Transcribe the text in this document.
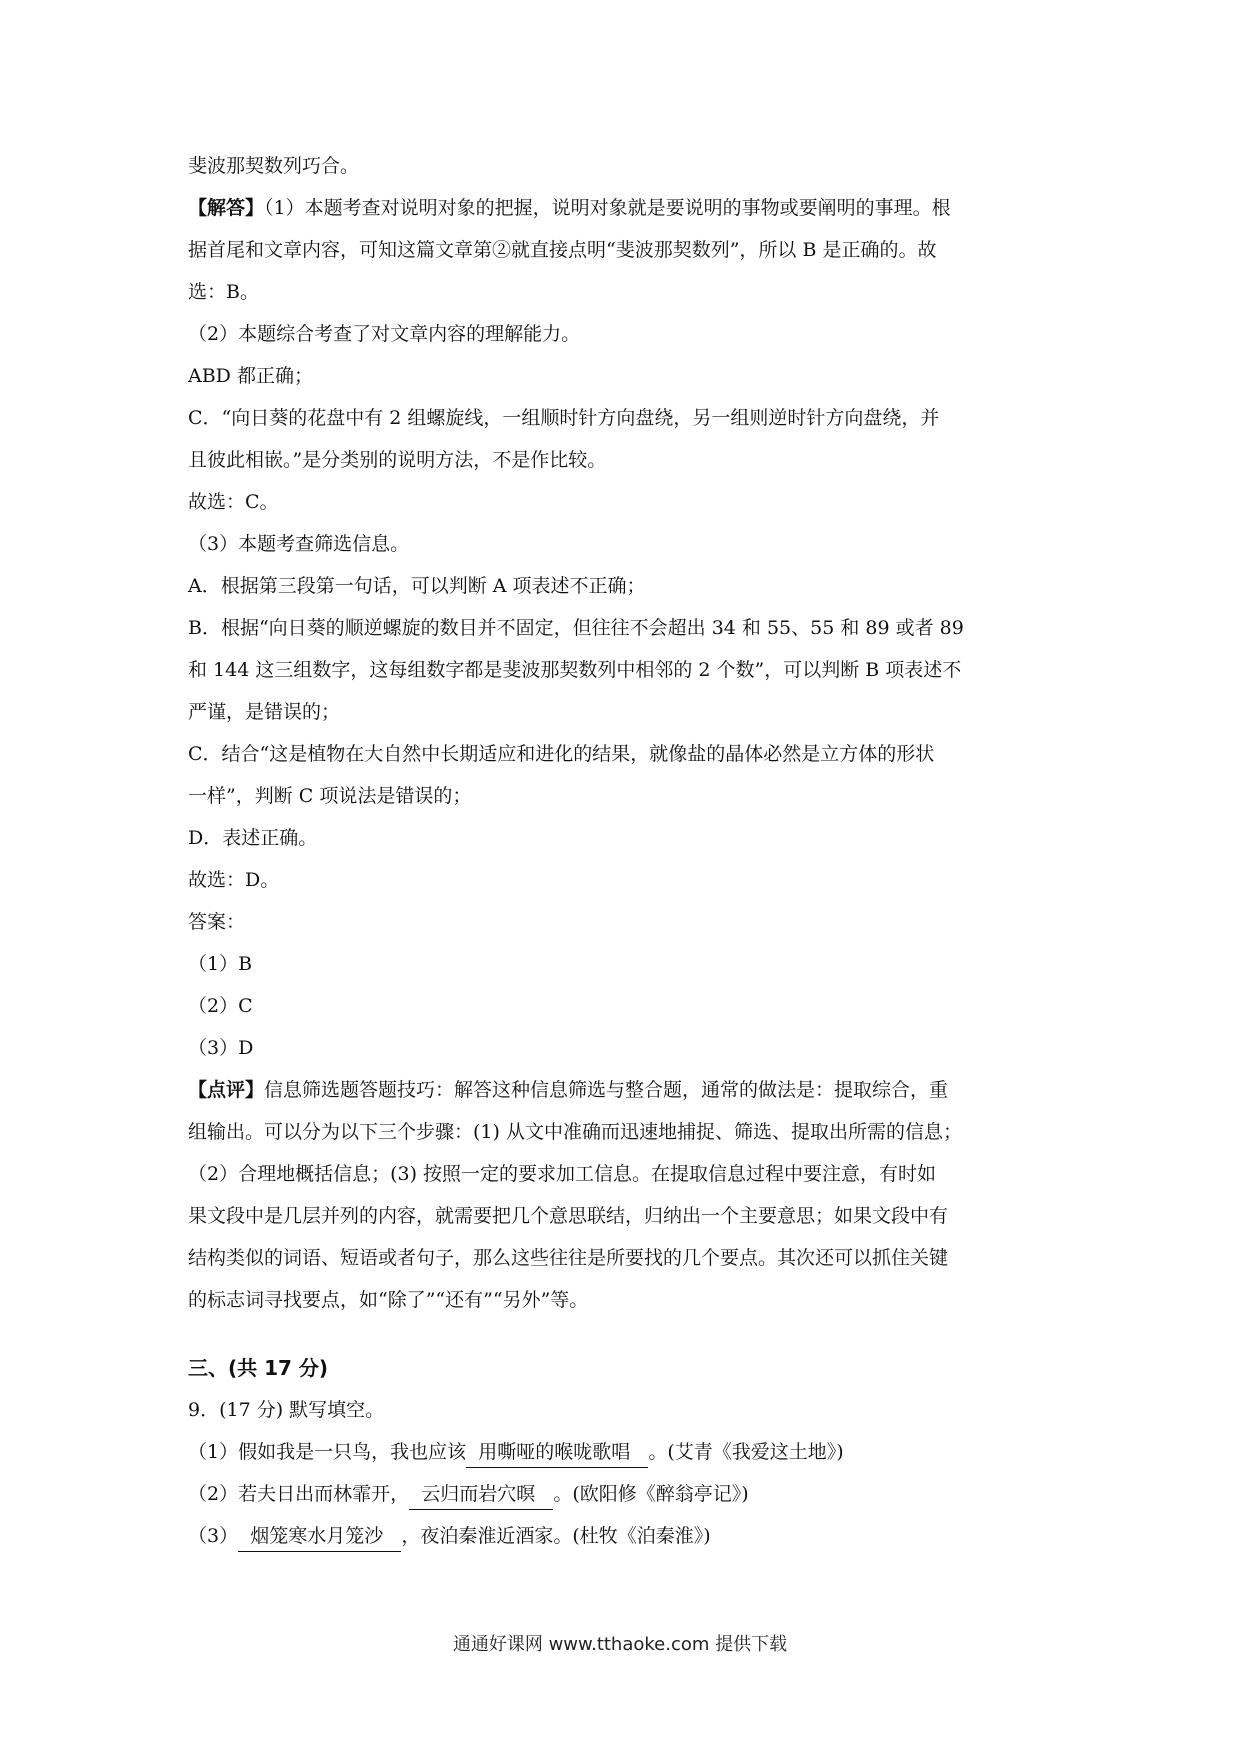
斐波那契数列巧合。
【解答】（1）本题考查对说明对象的把握，说明对象就是要说明的事物或要阐明的事理。根
据首尾和文章内容，可知这篇文章第②就直接点明“斐波那契数列”，所以 B 是正确的。故
选：B。
（2）本题综合考查了对文章内容的理解能力。
ABD 都正确；
C．“向日葵的花盘中有 2 组螺旋线，一组顺时针方向盘绕，另一组则逆时针方向盘绕，并
且彼此相嵌。”是分类别的说明方法，不是作比较。
故选：C。
（3）本题考查筛选信息。
A．根据第三段第一句话，可以判断 A 项表述不正确；
B．根据“向日葵的顺逆螺旋的数目并不固定，但往往不会超出 34 和 55、55 和 89 或者 89
和 144 这三组数字，这每组数字都是斐波那契数列中相邻的 2 个数”，可以判断 B 项表述不
严谨，是错误的；
C．结合“这是植物在大自然中长期适应和进化的结果，就像盐的晶体必然是立方体的形状
一样”，判断 C 项说法是错误的；
D．表述正确。
故选：D。
答案：
（1）B
（2）C
（3）D
【点评】信息筛选题答题技巧：解答这种信息筛选与整合题，通常的做法是：提取综合，重
组输出。可以分为以下三个步骤：(1) 从文中准确而迅速地捕捉、筛选、提取出所需的信息；
（2）合理地概括信息；(3) 按照一定的要求加工信息。在提取信息过程中要注意，有时如
果文段中是几层并列的内容，就需要把几个意思联结，归纳出一个主要意思；如果文段中有
结构类似的词语、短语或者句子，那么这些往往是所要找的几个要点。其次还可以抓住关键
的标志词寻找要点，如“除了”“还有”“另外”等。
三、(共 17 分)
9．(17 分) 默写填空。
（1）假如我是一只鸟，我也应该 用嘶哑的喉咙歌唱 。(艾青《我爱这土地》)
（2）若夫日出而林霏开， 云归而岩穴暝 。(欧阳修《醉翁亭记》)
（3） 烟笼寒水月笼沙 ，夜泊秦淮近酒家。(杜牧《泊秦淮》)
通通好课网 www.tthaoke.com 提供下载
